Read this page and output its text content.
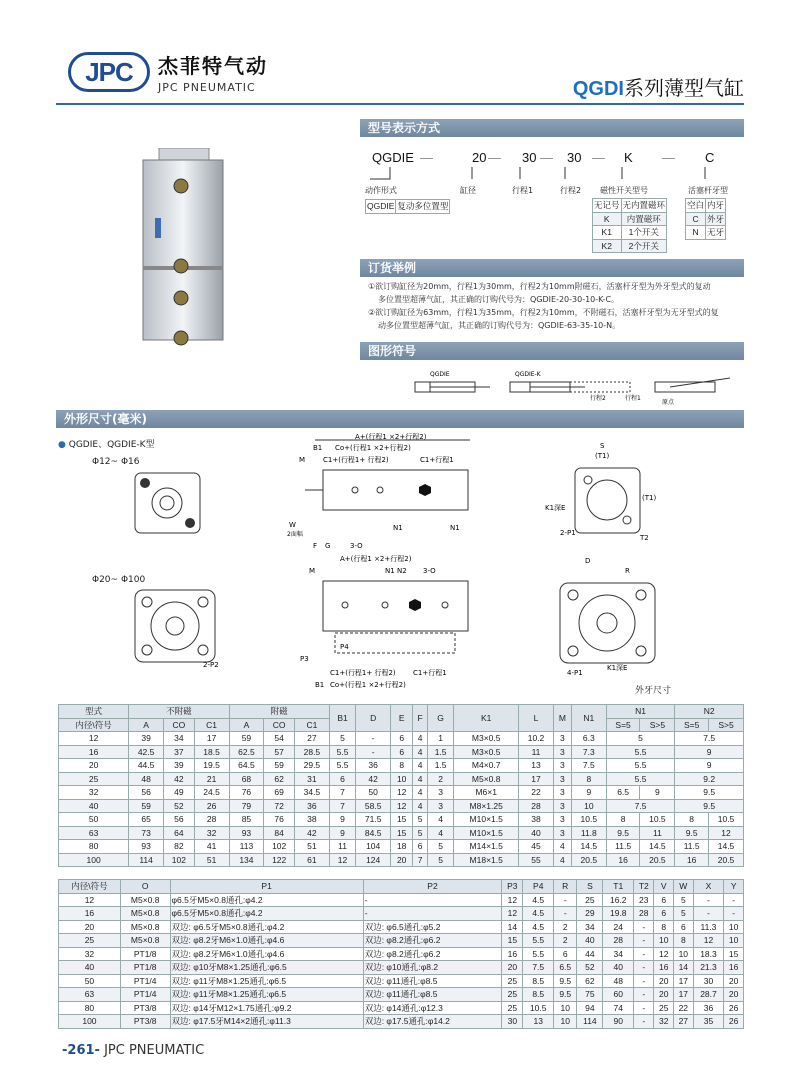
JPC	杰菲特气动
JPC PNEUMATIC	QGDI系列薄型气缸
型号表示方式
QGDIE —	20 — 30 — 30 — K — C
动作形式	缸径	行程1	行程2 磁性开关型号	活塞杆牙型
QGDIE	复动多位置型	无记号	无内置磁环
K	内置磁环
K1	1个开关
K2	2个开关
空白	内牙
C	外牙
N	无牙
订货举例

①欲订购缸径为20mm，行程1为30mm，行程2为10mm附磁石，活塞杆牙型为外牙型式的复动

多位置型超薄气缸，其正确的订购代号为：QGDIE-20-30-10-K-C。

②欲订购缸径为63mm，行程1为35mm，行程2为10mm，不附磁石，活塞杆牙型为无牙型式的复

动多位置型超薄气缸，其正确的订购代号为：QGDIE-63-35-10-N。

图形符号
QGDIE	QGDIE-K
行程2	行程1
原点
外形尺寸(毫米)
● QGDIE、QGDIE-K型
Φ12~ Φ16
Φ20~ Φ100
2-P2
A+(行程1 ×2+行程2)
Co+(行程1 ×2+行程2)
C1+(行程1+ 行程2)	C1+行程1
B1
M
N1	N1
W
2面幅
F G	3-O
A+(行程1 ×2+行程2)
M	N1 N2 3-O
P4
P3
C1+(行程1+ 行程2) C1+行程1
Co+(行程1 ×2+行程2)
B1
S
(T1)
K1深E
2-P1
(T1)
T2
D
R
4-P1
K1深E
外牙尺寸
型式	不附磁			附磁			B1	D	E	F	G	K1	L	M	N1	N1		N2	
内径\符号	A	CO	C1	A	CO	C1										S=5	S>5	S=5	S>5
12	39	34	17	59	54	27	5	-	6	4	1	M3×0.5	10.2	3	6.3	5		7.5	
16	42.5	37	18.5	62.5	57	28.5	5.5	-	6	4	1.5	M3×0.5	11	3	7.3	5.5		9	
20	44.5	39	19.5	64.5	59	29.5	5.5	36	8	4	1.5	M4×0.7	13	3	7.5	5.5		9	
25	48	42	21	68	62	31	6	42	10	4	2	M5×0.8	17	3	8	5.5		9.2	
32	56	49	24.5	76	69	34.5	7	50	12	4	3	M6×1	22	3	9	6.5	9	9.5	
40	59	52	26	79	72	36	7	58.5	12	4	3	M8×1.25	28	3	10	7.5		9.5	
50	65	56	28	85	76	38	9	71.5	15	5	4	M10×1.5	38	3	10.5	8	10.5	8	10.5
63	73	64	32	93	84	42	9	84.5	15	5	4	M10×1.5	40	3	11.8	9.5	11	9.5	12
80	93	82	41	113	102	51	11	104	18	6	5	M14×1.5	45	4	14.5	11.5	14.5	11.5	14.5
100	114	102	51	134	122	61	12	124	20	7	5	M18×1.5	55	4	20.5	16	20.5	16	20.5
内径\符号	O	P1	P2	P3	P4	R	S	T1	T2	V	W	X	Y
12	M5×0.8	φ6.5牙M5×0.8通孔:φ4.2	-	12	4.5	-	25	16.2	23	6	5	-	-
16	M5×0.8	φ6.5牙M5×0.8通孔:φ4.2	-	12	4.5	-	29	19.8	28	6	5	-	-
20	M5×0.8	双边: φ6.5牙M5×0.8通孔:φ4.2	双边: φ6.5通孔:φ5.2	14	4.5	2	34	24	-	8	6	11.3	10
25	M5×0.8	双边: φ8.2牙M6×1.0通孔:φ4.6	双边: φ8.2通孔:φ6.2	15	5.5	2	40	28	-	10	8	12	10
32	PT1/8	双边: φ8.2牙M6×1.0通孔:φ4.6	双边: φ8.2通孔:φ6.2	16	5.5	6	44	34	-	12	10	18.3	15
40	PT1/8	双边: φ10牙M8×1.25通孔:φ6.5	双边: φ10通孔:φ8.2	20	7.5	6.5	52	40	-	16	14	21.3	16
50	PT1/4	双边: φ11牙M8×1.25通孔:φ6.5	双边: φ11通孔:φ8.5	25	8.5	9.5	62	48	-	20	17	30	20
63	PT1/4	双边: φ11牙M8×1.25通孔:φ6.5	双边: φ11通孔:φ8.5	25	8.5	9.5	75	60	-	20	17	28.7	20
80	PT3/8	双边: φ14牙M12×1.75通孔:φ9.2	双边: φ14通孔:φ12.3	25	10.5	10	94	74	-	25	22	36	26
100	PT3/8	双边: φ17.5牙M14×2通孔:φ11.3	双边: φ17.5通孔:φ14.2	30	13	10	114	90	-	32	27	35	26
-261- JPC PNEUMATIC
